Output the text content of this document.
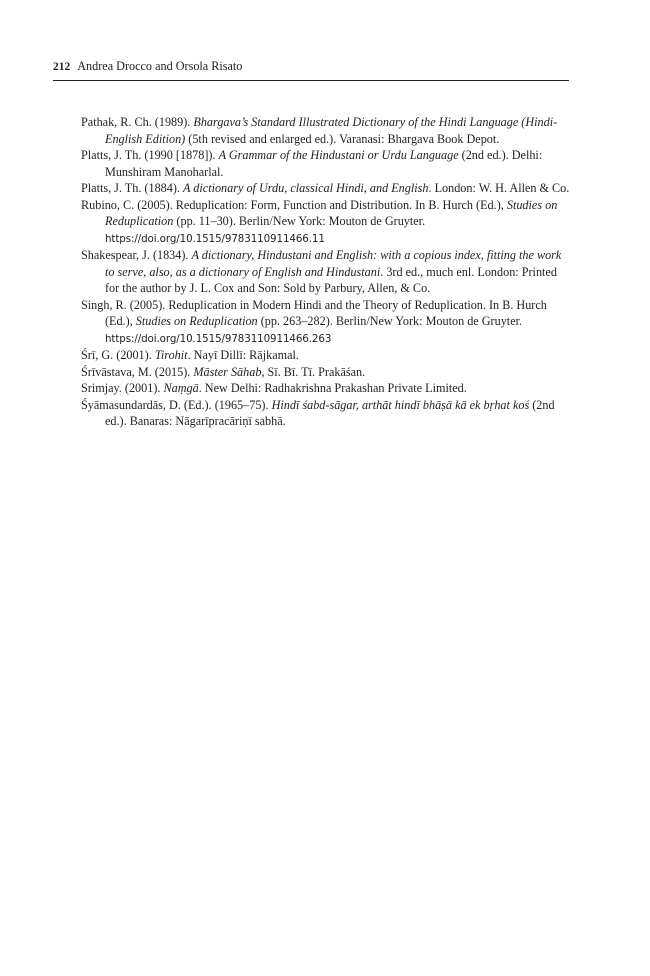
212 Andrea Drocco and Orsola Risato

Pathak, R. Ch. (1989). Bhargava’s Standard Illustrated Dictionary of the Hindi Language (Hindi-English Edition) (5th revised and enlarged ed.). Varanasi: Bhargava Book Depot.

Platts, J. Th. (1990 [1878]). A Grammar of the Hindustani or Urdu Language (2nd ed.). Delhi: Munshiram Manoharlal.

Platts, J. Th. (1884). A dictionary of Urdu, classical Hindi, and English. London: W. H. Allen & Co.

Rubino, C. (2005). Reduplication: Form, Function and Distribution. In B. Hurch (Ed.), Studies on Reduplication (pp. 11–30). Berlin/New York: Mouton de Gruyter.
https://doi.org/10.1515/9783110911466.11

Shakespear, J. (1834). A dictionary, Hindustani and English: with a copious index, fitting the work to serve, also, as a dictionary of English and Hindustani. 3rd ed., much enl. London: Printed for the author by J. L. Cox and Son: Sold by Parbury, Allen, & Co.

Singh, R. (2005). Reduplication in Modern Hindi and the Theory of Reduplication. In B. Hurch (Ed.), Studies on Reduplication (pp. 263–282). Berlin/New York: Mouton de Gruyter.
https://doi.org/10.1515/9783110911466.263

Śrī, G. (2001). Tirohit. Nayī Dillī: Rājkamal.

Śrīvāstava, M. (2015). Māster Sāhab, Sī. Bī. Tī. Prakāśan.

Srimjay. (2001). Naṃgā. New Delhi: Radhakrishna Prakashan Private Limited.

Śyāmasundardās, D. (Ed.). (1965–75). Hindī śabd-sāgar, arthāt hindī bhāṣā kā ek bṛhat koś (2nd ed.). Banaras: Nāgarīpracāriṇī sabhā.
